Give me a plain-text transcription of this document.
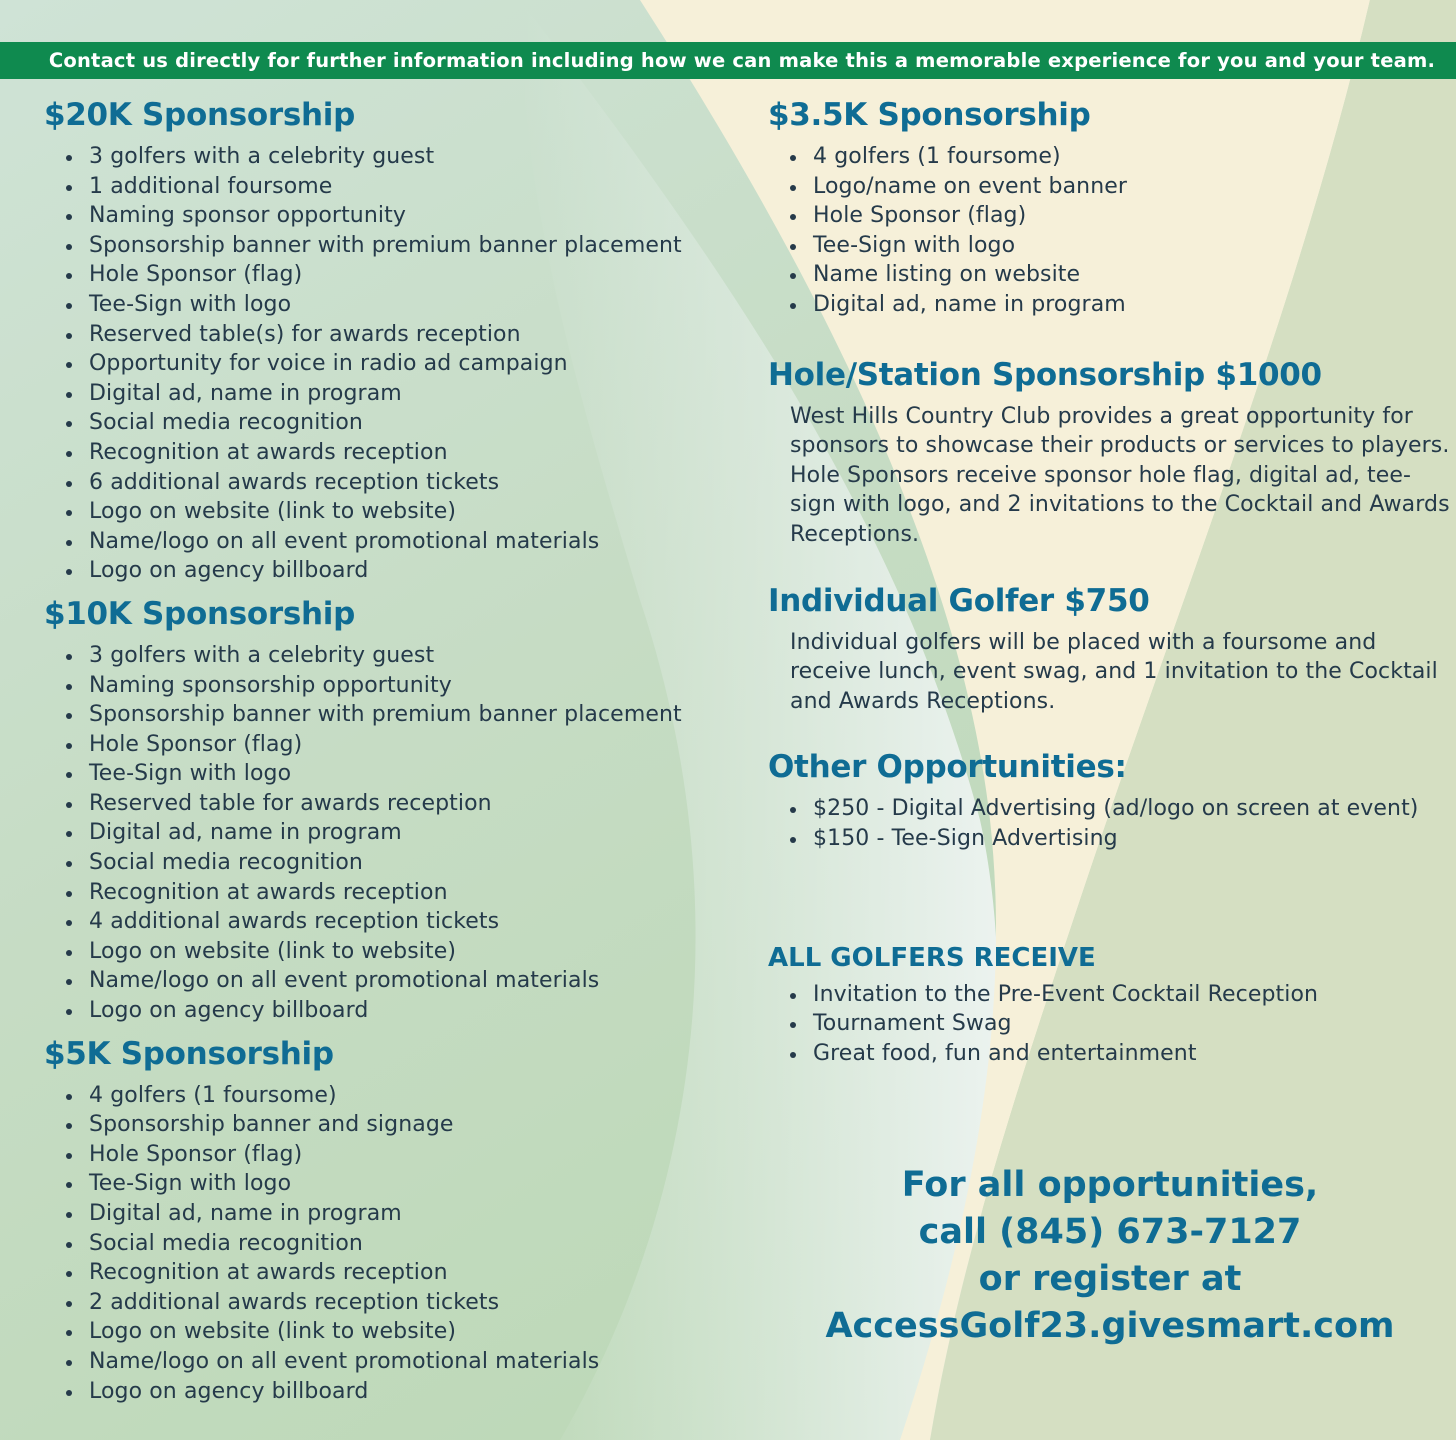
Contact us directly for further information including how we can make this a memorable experience for you and your team.
$20K Sponsorship
3 golfers with a celebrity guest
1 additional foursome
Naming sponsor opportunity
Sponsorship banner with premium banner placement
Hole Sponsor (flag)
Tee-Sign with logo
Reserved table(s) for awards reception
Opportunity for voice in radio ad campaign
Digital ad, name in program
Social media recognition
Recognition at awards reception
6 additional awards reception tickets
Logo on website (link to website)
Name/logo on all event promotional materials
Logo on agency billboard
$10K Sponsorship
3 golfers with a celebrity guest
Naming sponsorship opportunity
Sponsorship banner with premium banner placement
Hole Sponsor (flag)
Tee-Sign with logo
Reserved table for awards reception
Digital ad, name in program
Social media recognition
Recognition at awards reception
4 additional awards reception tickets
Logo on website (link to website)
Name/logo on all event promotional materials
Logo on agency billboard
$5K Sponsorship
4 golfers (1 foursome)
Sponsorship banner and signage
Hole Sponsor (flag)
Tee-Sign with logo
Digital ad, name in program
Social media recognition
Recognition at awards reception
2 additional awards reception tickets
Logo on website (link to website)
Name/logo on all event promotional materials
Logo on agency billboard
$3.5K Sponsorship
4 golfers (1 foursome)
Logo/name on event banner
Hole Sponsor (flag)
Tee-Sign with logo
Name listing on website
Digital ad, name in program
Hole/Station Sponsorship $1000

West Hills Country Club provides a great opportunity for
sponsors to showcase their products or services to players.
Hole Sponsors receive sponsor hole flag, digital ad, tee-
sign with logo, and 2 invitations to the Cocktail and Awards
Receptions.

Individual Golfer $750

Individual golfers will be placed with a foursome and
receive lunch, event swag, and 1 invitation to the Cocktail
and Awards Receptions.

Other Opportunities:
$250 - Digital Advertising (ad/logo on screen at event)
$150 - Tee-Sign Advertising
ALL GOLFERS RECEIVE
Invitation to the Pre-Event Cocktail Reception
Tournament Swag
Great food, fun and entertainment
For all opportunities,
call (845) 673-7127
or register at
AccessGolf23.givesmart.com
